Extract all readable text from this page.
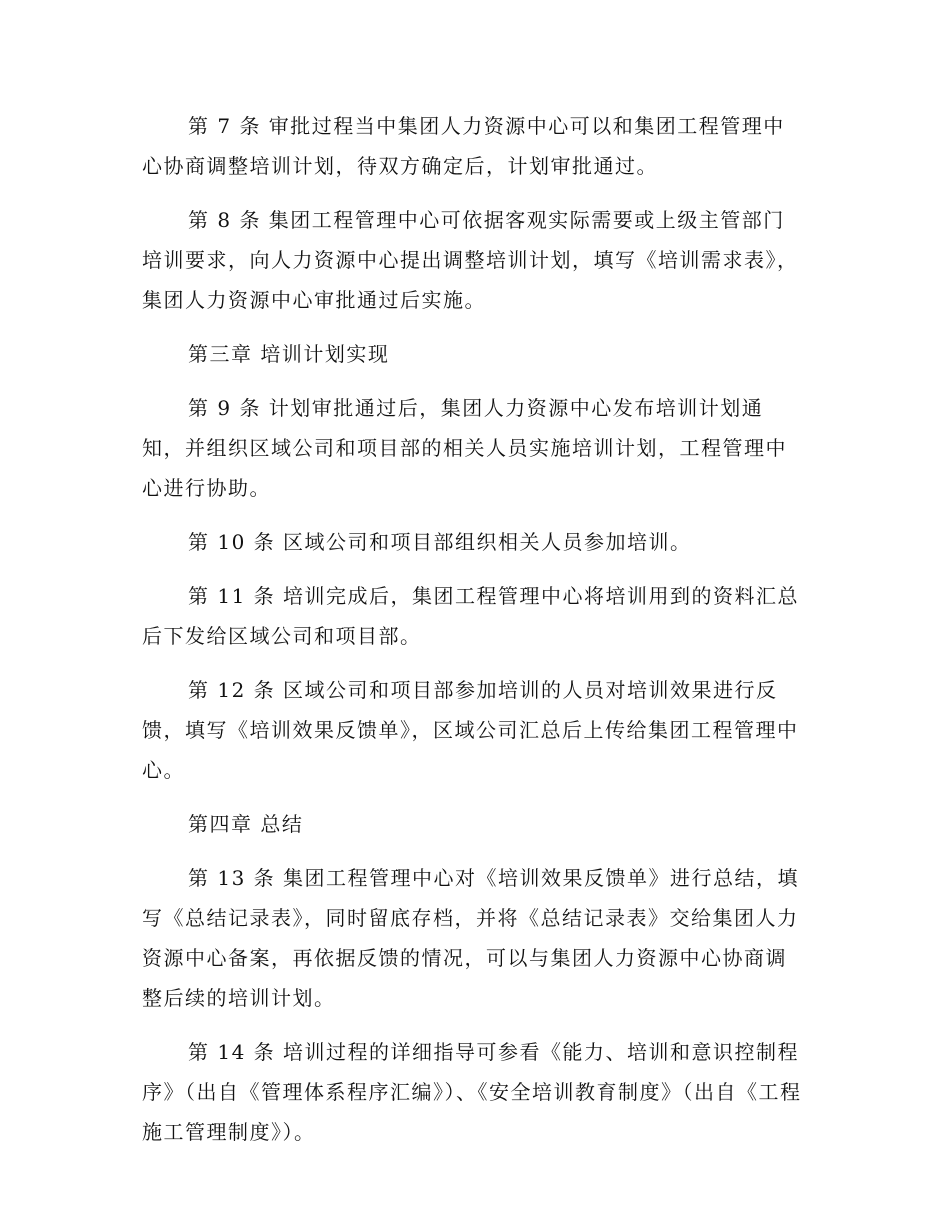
第 7 条 审批过程当中集团人力资源中心可以和集团工程管理中心协商调整培训计划，待双方确定后，计划审批通过。

第 8 条 集团工程管理中心可依据客观实际需要或上级主管部门培训要求，向人力资源中心提出调整培训计划，填写《培训需求表》，集团人力资源中心审批通过后实施。

第三章 培训计划实现

第 9 条 计划审批通过后，集团人力资源中心发布培训计划通知，并组织区域公司和项目部的相关人员实施培训计划，工程管理中心进行协助。

第 10 条 区域公司和项目部组织相关人员参加培训。

第 11 条 培训完成后，集团工程管理中心将培训用到的资料汇总后下发给区域公司和项目部。

第 12 条 区域公司和项目部参加培训的人员对培训效果进行反馈，填写《培训效果反馈单》，区域公司汇总后上传给集团工程管理中心。

第四章 总结

第 13 条 集团工程管理中心对《培训效果反馈单》进行总结，填写《总结记录表》，同时留底存档，并将《总结记录表》交给集团人力资源中心备案，再依据反馈的情况，可以与集团人力资源中心协商调整后续的培训计划。

第 14 条 培训过程的详细指导可参看《能力、培训和意识控制程序》（出自《管理体系程序汇编》）、《安全培训教育制度》（出自《工程施工管理制度》）。
